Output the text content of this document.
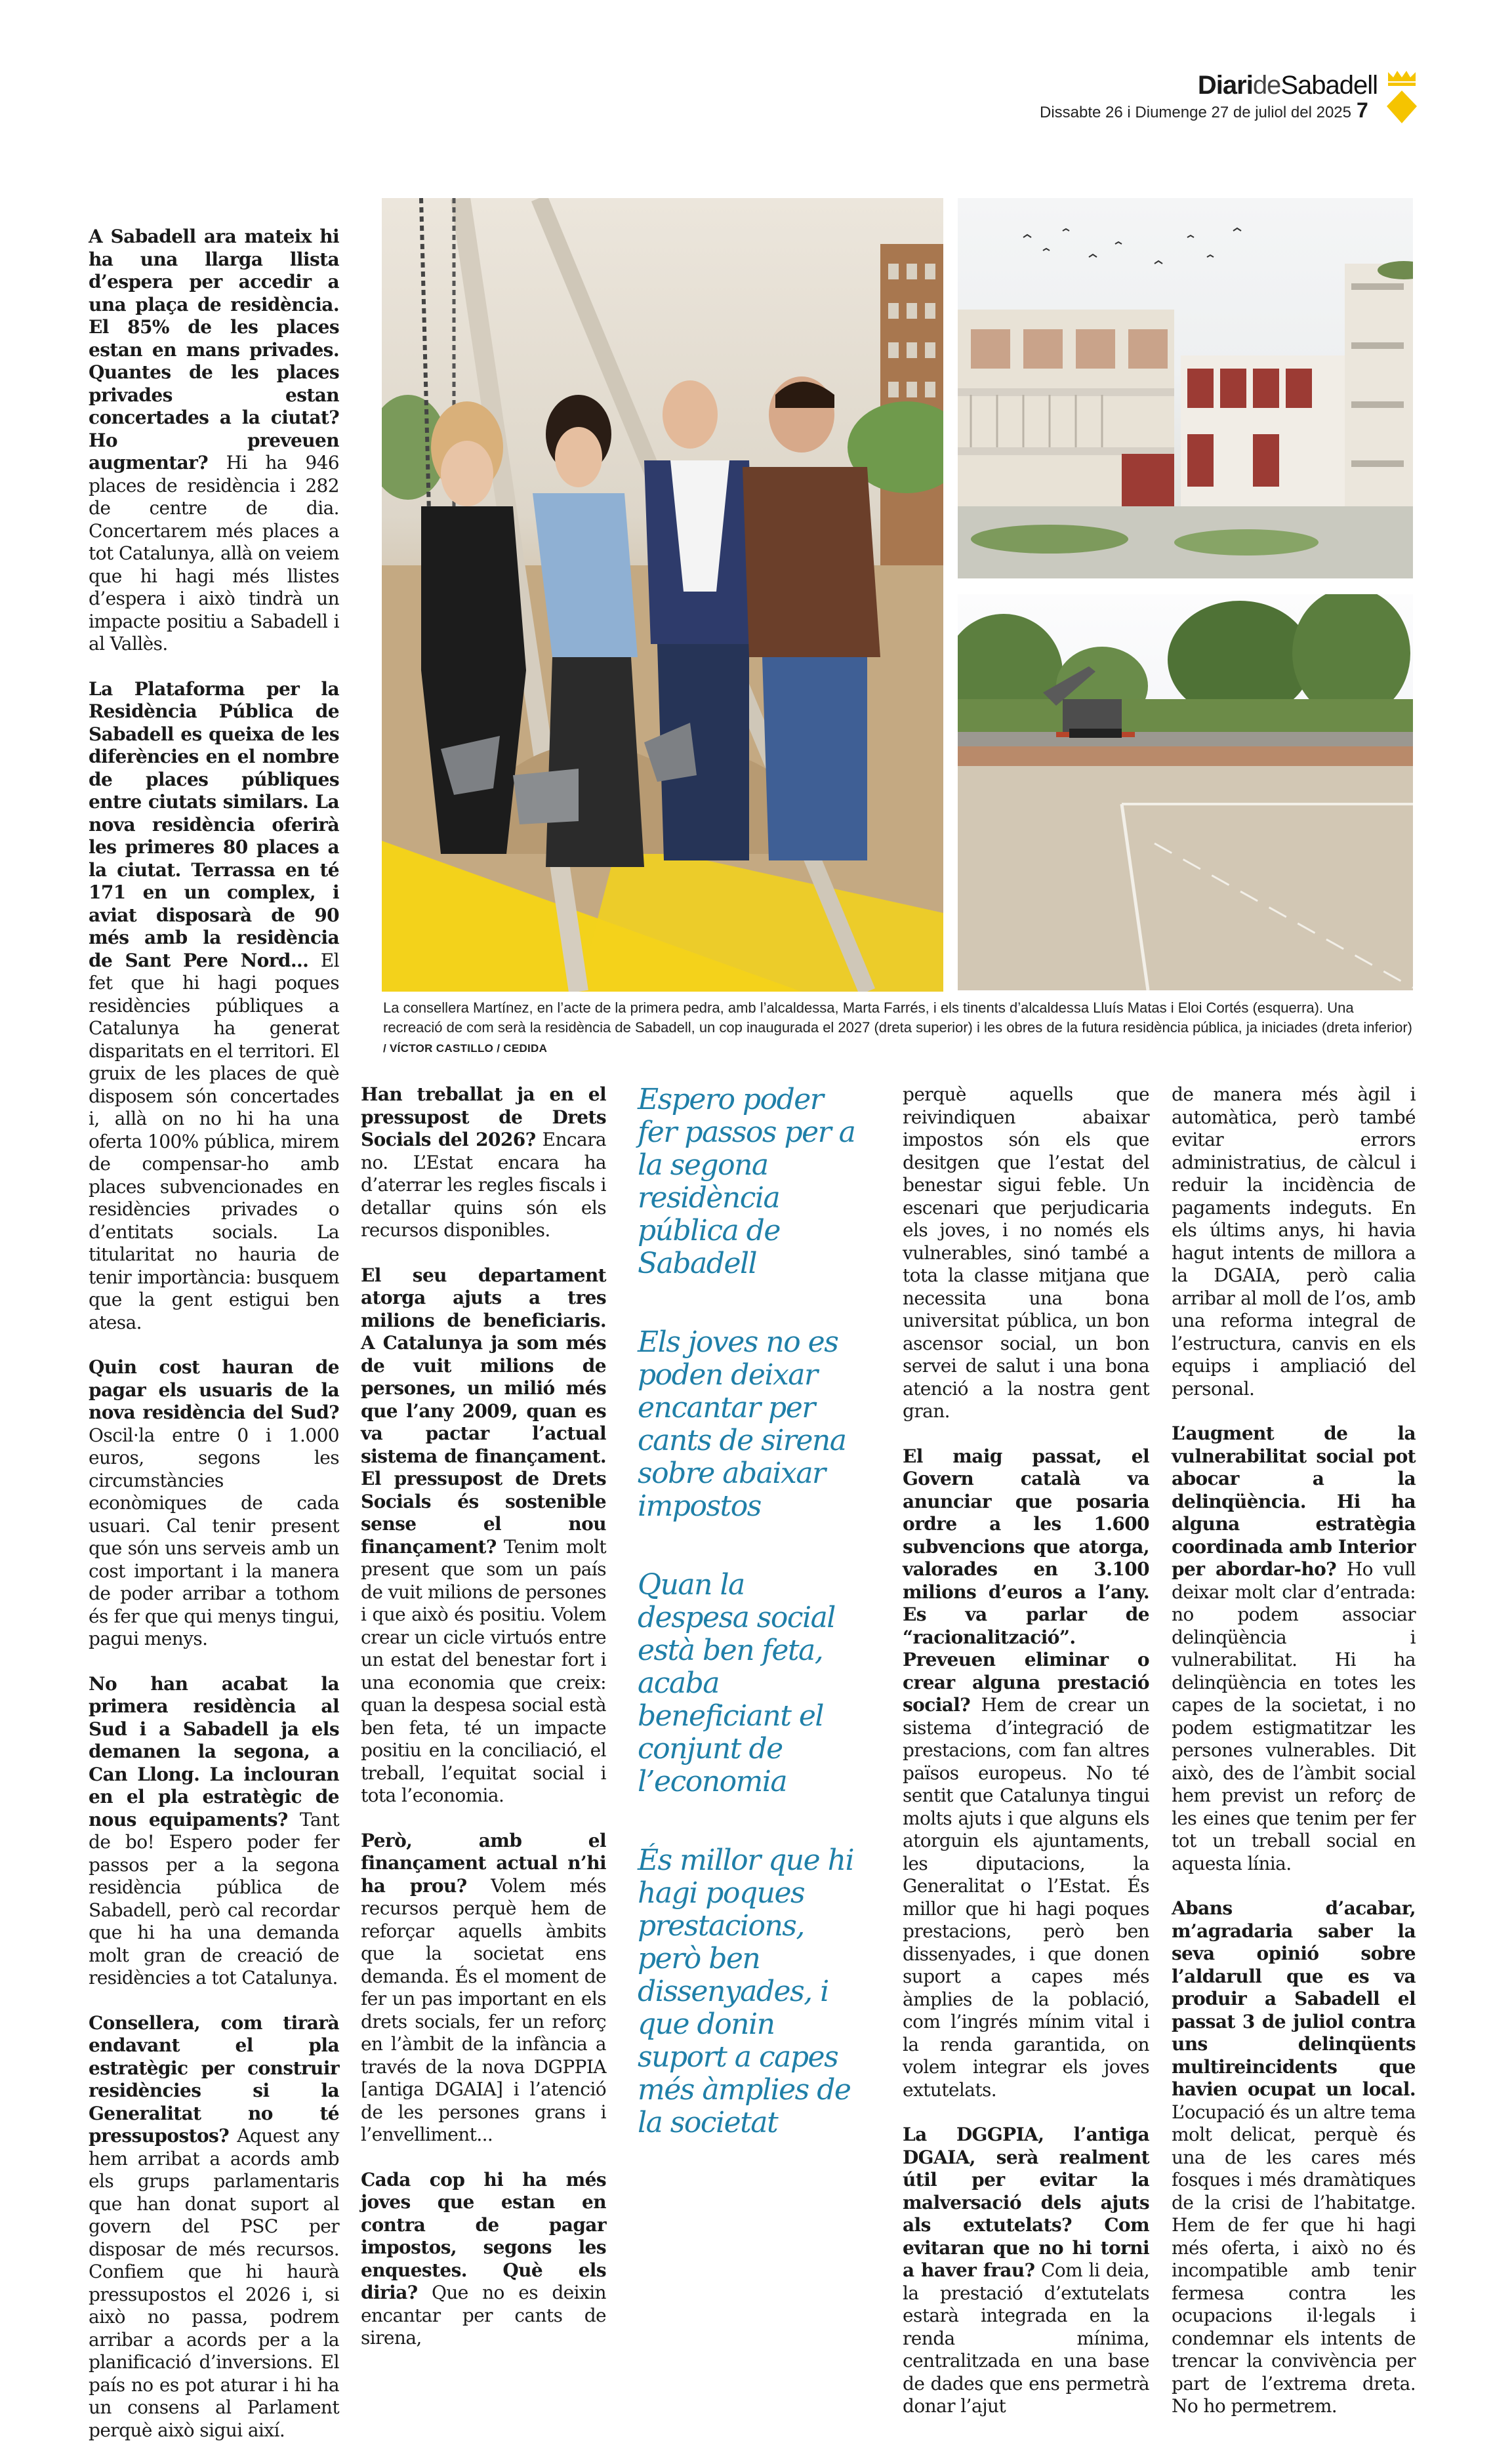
DiarideSabadell
Dissabte 26 i Diumenge 27 de juliol del 2025 7
La consellera Martínez, en l’acte de la primera pedra, amb l’alcaldessa, Marta Farrés, i els tinents d’alcaldessa Lluís Matas i Eloi Cortés (esquerra). Una recreació de com serà la residència de Sabadell, un cop inaugurada el 2027 (dreta superior) i les obres de la futura residència pública, ja iniciades (dreta inferior) / VÍCTOR CASTILLO / CEDIDA

A Sabadell ara mateix hi ha una llarga llista d’espera per accedir a una plaça de residència. El 85% de les places estan en mans privades. Quantes de les places privades estan concertades a la ciutat? Ho preveuen augmentar? Hi ha 946 places de residència i 282 de centre de dia. Concertarem més places a tot Catalunya, allà on veiem que hi hagi més llistes d’espera i això tindrà un impacte positiu a Sabadell i al Vallès.

La Plataforma per la Residència Pública de Sabadell es queixa de les diferències en el nombre de places públiques entre ciutats similars. La nova residència oferirà les primeres 80 places a la ciutat. Terrassa en té 171 en un complex, i aviat disposarà de 90 més amb la residència de Sant Pere Nord... El fet que hi hagi poques residències públiques a Catalunya ha generat disparitats en el territori. El gruix de les places de què disposem són concertades i, allà on no hi ha una oferta 100% pública, mirem de compensar-ho amb places subvencionades en residències privades o d’entitats socials. La titularitat no hauria de tenir importància: busquem que la gent estigui ben atesa.

Quin cost hauran de pagar els usuaris de la nova residència del Sud? Oscil·la entre 0 i 1.000 euros, segons les circumstàncies econòmiques de cada usuari. Cal tenir present que són uns serveis amb un cost important i la manera de poder arribar a tothom és fer que qui menys tingui, pagui menys.

No han acabat la primera residència al Sud i a Sabadell ja els demanen la segona, a Can Llong. La inclouran en el pla estratègic de nous equipaments? Tant de bo! Espero poder fer passos per a la segona residència pública de Sabadell, però cal recordar que hi ha una demanda molt gran de creació de residències a tot Catalunya.

Consellera, com tirarà endavant el pla estratègic per construir residències si la Generalitat no té pressupostos? Aquest any hem arribat a acords amb els grups parlamentaris que han donat suport al govern del PSC per disposar de més recursos. Confiem que hi haurà pressupostos el 2026 i, si això no passa, podrem arribar a acords per a la planificació d’inversions. El país no es pot aturar i hi ha un consens al Parlament perquè això sigui així.

Han treballat ja en el pressupost de Drets Socials del 2026? Encara no. L’Estat encara ha d’aterrar les regles fiscals i detallar quins són els recursos disponibles.

El seu departament atorga ajuts a tres milions de beneficiaris. A Catalunya ja som més de vuit milions de persones, un milió més que l’any 2009, quan es va pactar l’actual sistema de finançament. El pressupost de Drets Socials és sostenible sense el nou finançament? Tenim molt present que som un país de vuit milions de persones i que això és positiu. Volem crear un cicle virtuós entre un estat del benestar fort i una economia que creix: quan la despesa social està ben feta, té un impacte positiu en la conciliació, el treball, l’equitat social i tota l’economia.

Però, amb el finançament actual n’hi ha prou? Volem més recursos perquè hem de reforçar aquells àmbits que la societat ens demanda. És el moment de fer un pas important en els drets socials, fer un reforç en l’àmbit de la infància a través de la nova DGPPIA [antiga DGAIA] i l’atenció de les persones grans i l’envelliment...

Cada cop hi ha més joves que estan en contra de pagar impostos, segons les enquestes. Què els diria? Que no es deixin encantar per cants de sirena,

Espero poder fer passos per a la segona residència pública de Sabadell

Els joves no es poden deixar encantar per cants de sirena sobre abaixar impostos

Quan la despesa social està ben feta, acaba beneficiant el conjunt de l’economia

És millor que hi hagi poques prestacions, però ben dissenyades, i que donin suport a capes més àmplies de la societat

perquè aquells que reivindiquen abaixar impostos són els que desitgen que l’estat del benestar sigui feble. Un escenari que perjudicaria els joves, i no només els vulnerables, sinó també a tota la classe mitjana que necessita una bona universitat pública, un bon ascensor social, un bon servei de salut i una bona atenció a la nostra gent gran.

El maig passat, el Govern català va anunciar que posaria ordre a les 1.600 subvencions que atorga, valorades en 3.100 milions d’euros a l’any. Es va parlar de “racionalització”. Preveuen eliminar o crear alguna prestació social? Hem de crear un sistema d’integració de prestacions, com fan altres països europeus. No té sentit que Catalunya tingui molts ajuts i que alguns els atorguin els ajuntaments, les diputacions, la Generalitat o l’Estat. És millor que hi hagi poques prestacions, però ben dissenyades, i que donen suport a capes més àmplies de la població, com l’ingrés mínim vital i la renda garantida, on volem integrar els joves extutelats.

La DGGPIA, l’antiga DGAIA, serà realment útil per evitar la malversació dels ajuts als extutelats? Com evitaran que no hi torni a haver frau? Com li deia, la prestació d’extutelats estarà integrada en la renda mínima, centralitzada en una base de dades que ens permetrà donar l’ajut

de manera més àgil i automàtica, però també evitar errors administratius, de càlcul i reduir la incidència de pagaments indeguts. En els últims anys, hi havia hagut intents de millora a la DGAIA, però calia arribar al moll de l’os, amb una reforma integral de l’estructura, canvis en els equips i ampliació del personal.

L’augment de la vulnerabilitat social pot abocar a la delinqüència. Hi ha alguna estratègia coordinada amb Interior per abordar-ho? Ho vull deixar molt clar d’entrada: no podem associar delinqüència i vulnerabilitat. Hi ha delinqüència en totes les capes de la societat, i no podem estigmatitzar les persones vulnerables. Dit això, des de l’àmbit social hem previst un reforç de les eines que tenim per fer tot un treball social en aquesta línia.

Abans d’acabar, m’agradaria saber la seva opinió sobre l’aldarull que es va produir a Sabadell el passat 3 de juliol contra uns delinqüents multireincidents que havien ocupat un local. L’ocupació és un altre tema molt delicat, perquè és una de les cares més fosques i més dramàtiques de la crisi de l’habitatge. Hem de fer que hi hagi més oferta, i això no és incompatible amb tenir fermesa contra les ocupacions il·legals i condemnar els intents de trencar la convivència per part de l’extrema dreta. No ho permetrem.
